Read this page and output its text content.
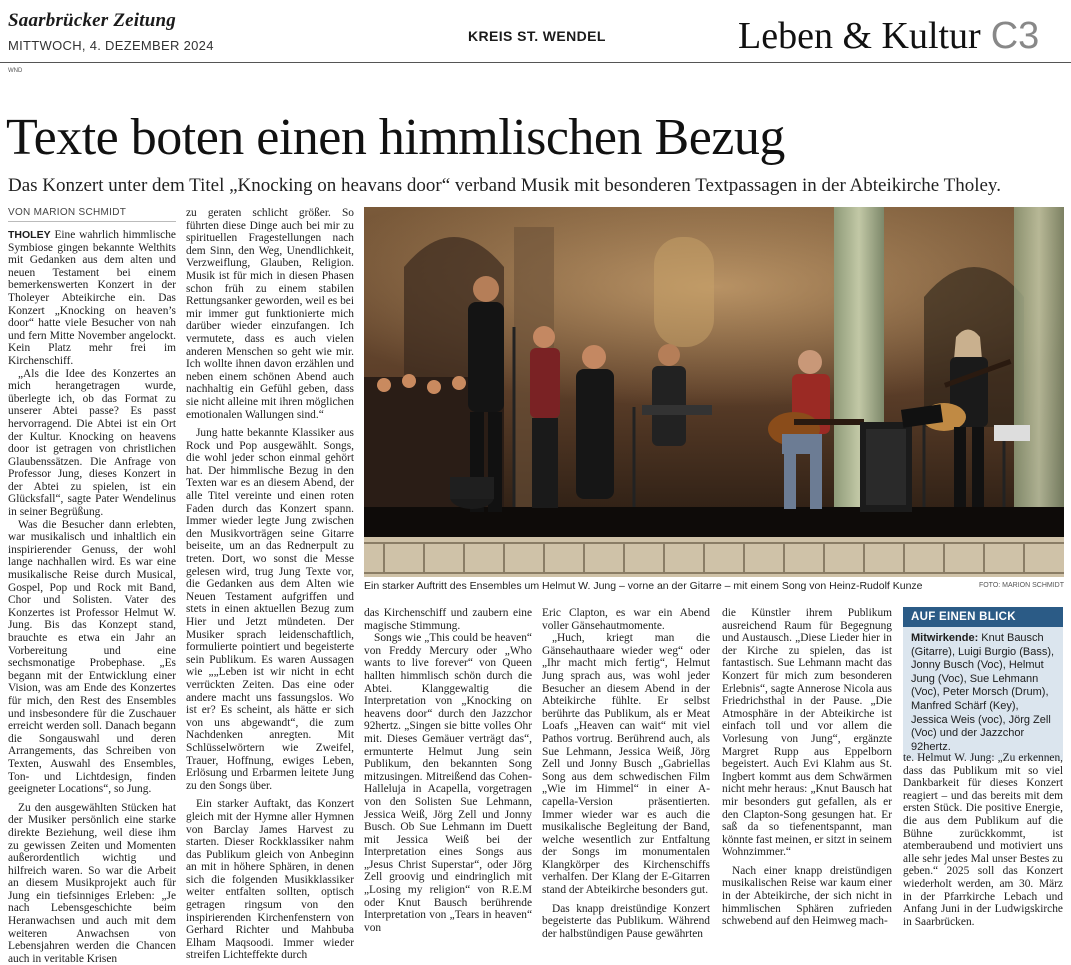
Saarbrücker Zeitung
MITTWOCH, 4. DEZEMBER 2024
KREIS ST. WENDEL	Leben & Kultur C3
WND
Texte boten einen himmlischen Bezug
Das Konzert unter dem Titel „Knocking on heavans door“ verband Musik mit besonderen Textpassagen in der Abteikirche Tholey.
VON MARION SCHMIDT

THOLEY Eine wahrlich himmlische Symbiose gingen bekannte Welthits mit Gedanken aus dem alten und neuen Testament bei einem bemerkenswerten Konzert in der Tholeyer Abteikirche ein. Das Konzert „Knocking on heaven’s door“ hatte viele Besucher von nah und fern Mitte November angelockt. Kein Platz mehr frei im Kirchenschiff.

„Als die Idee des Konzertes an mich herangetragen wurde, überlegte ich, ob das Format zu unserer Abtei passe? Es passt hervorragend. Die Abtei ist ein Ort der Kultur. Knocking on heavens door ist getragen von christlichen Glaubenssätzen. Die Anfrage von Professor Jung, dieses Konzert in der Abtei zu spielen, ist ein Glücksfall“, sagte Pater Wendelinus in seiner Begrüßung.

Was die Besucher dann erlebten, war musikalisch und inhaltlich ein inspirierender Genuss, der wohl lange nachhallen wird. Es war eine musikalische Reise durch Musical, Gospel, Pop und Rock mit Band, Chor und Solisten. Vater des Konzertes ist Professor Helmut W. Jung. Bis das Konzept stand, brauchte es etwa ein Jahr an Vorbereitung und eine sechsmonatige Probephase. „Es begann mit der Entwicklung einer Vision, was am Ende des Konzertes für mich, den Rest des Ensembles und insbesondere für die Zuschauer erreicht werden soll. Danach begann die Songauswahl und deren Arrangements, das Schreiben von Texten, Auswahl des Ensembles, Ton- und Lichtdesign, finden geeigneter Locations“, so Jung.

Zu den ausgewählten Stücken hat der Musiker persönlich eine starke direkte Beziehung, weil diese ihm zu gewissen Zeiten und Momenten außerordentlich wichtig und hilfreich waren. So war die Arbeit an diesem Musikprojekt auch für Jung ein tiefsinniges Erleben: „Je nach Lebensgeschichte beim Heranwachsen und auch mit dem weiteren Anwachsen von Lebensjahren werden die Chancen auch in veritable Krisen

zu geraten schlicht größer. So führten diese Dinge auch bei mir zu spirituellen Fragestellungen nach dem Sinn, den Weg, Unendlichkeit, Verzweiflung, Glauben, Religion. Musik ist für mich in diesen Phasen schon früh zu einem stabilen Rettungsanker geworden, weil es bei mir immer gut funktionierte mich darüber wieder einzufangen. Ich vermutete, dass es auch vielen anderen Menschen so geht wie mir. Ich wollte ihnen davon erzählen und neben einem schönen Abend auch nachhaltig ein Gefühl geben, dass sie nicht alleine mit ihren möglichen emotionalen Wallungen sind.“

Jung hatte bekannte Klassiker aus Rock und Pop ausgewählt. Songs, die wohl jeder schon einmal gehört hat. Der himmlische Bezug in den Texten war es an diesem Abend, der alle Titel vereinte und einen roten Faden durch das Konzert spann. Immer wieder legte Jung zwischen den Musikvorträgen seine Gitarre beiseite, um an das Rednerpult zu treten. Dort, wo sonst die Messe gelesen wird, trug Jung Texte vor, die Gedanken aus dem Alten wie Neuen Testament aufgriffen und stets in einen aktuellen Bezug zum Hier und Jetzt mündeten. Der Musiker sprach leidenschaftlich, formulierte pointiert und begeisterte sein Publikum. Es waren Aussagen wie „„Leben ist wir nicht in echt verrückten Zeiten. Das eine oder andere macht uns fassungslos. Wo ist er? Es scheint, als hätte er sich von uns abgewandt“, die zum Nachdenken anregten. Mit Schlüsselwörtern wie Zweifel, Trauer, Hoffnung, ewiges Leben, Erlösung und Erbarmen leitete Jung zu den Songs über.

Ein starker Auftakt, das Konzert gleich mit der Hymne aller Hymnen von Barclay James Harvest zu starten. Dieser Rockklassiker nahm das Publikum gleich von Anbeginn an mit in höhere Sphären, in denen sich die folgenden Musikklassiker weiter entfalten sollten, optisch getragen ringsum von den inspirierenden Kirchenfenstern von Gerhard Richter und Mahbuba Elham Maqsoodi. Immer wieder streifen Lichteffekte durch

Ein starker Auftritt des Ensembles um Helmut W. Jung – vorne an der Gitarre – mit einem Song von Heinz-Rudolf Kunze	FOTO: MARION SCHMIDT

das Kirchenschiff und zaubern eine magische Stimmung.

Songs wie „This could be heaven“ von Freddy Mercury oder „Who wants to live forever“ von Queen hallten himmlisch schön durch die Abtei. Klanggewaltig die Interpretation von „Knocking on heavens door“ durch den Jazzchor 92hertz. „Singen sie bitte volles Ohr mit. Dieses Gemäuer verträgt das“, ermunterte Helmut Jung sein Publikum, den bekannten Song mitzusingen. Mitreißend das Cohen-Halleluja in Acapella, vorgetragen von den Solisten Sue Lehmann, Jessica Weiß, Jörg Zell und Jonny Busch. Ob Sue Lehmann im Duett mit Jessica Weiß bei der Interpretation eines Songs aus „Jesus Christ Superstar“, oder Jörg Zell groovig und eindringlich mit „Losing my religion“ von R.E.M oder Knut Bausch berührende Interpretation von „Tears in heaven“ von

Eric Clapton, es war ein Abend voller Gänsehautmomente.

„Huch, kriegt man die Gänsehauthaare wieder weg“ oder „Ihr macht mich fertig“, Helmut Jung sprach aus, was wohl jeder Besucher an diesem Abend in der Abteikirche fühlte. Er selbst berührte das Publikum, als er Meat Loafs „Heaven can wait“ mit viel Pathos vortrug. Berührend auch, als Sue Lehmann, Jessica Weiß, Jörg Zell und Jonny Busch „Gabriellas Song aus dem schwedischen Film „Wie im Himmel“ in einer A-capella-Version präsentierten. Immer wieder war es auch die musikalische Begleitung der Band, welche wesentlich zur Entfaltung der Songs im monumentalen Klangkörper des Kirchenschiffs verhalfen. Der Klang der E-Gitarren stand der Abteikirche besonders gut.

Das knapp dreistündige Konzert begeisterte das Publikum. Während der halbstündigen Pause gewährten

die Künstler ihrem Publikum ausreichend Raum für Begegnung und Austausch. „Diese Lieder hier in der Kirche zu spielen, das ist fantastisch. Sue Lehmann macht das Konzert für mich zum besonderen Erlebnis“, sagte Annerose Nicola aus Friedrichsthal in der Pause. „Die Atmosphäre in der Abteikirche ist einfach toll und vor allem die Vorlesung von Jung“, ergänzte Margret Rupp aus Eppelborn begeistert. Auch Evi Klahm aus St. Ingbert kommt aus dem Schwärmen nicht mehr heraus: „Knut Bausch hat mir besonders gut gefallen, als er den Clapton-Song gesungen hat. Er saß da so tiefenentspannt, man könnte fast meinen, er sitzt in seinem Wohnzimmer.“

Nach einer knapp dreistündigen musikalischen Reise war kaum einer in der Abteikirche, der sich nicht in himmlischen Sphären zufrieden schwebend auf den Heimweg mach-

AUF EINEN BLICK
Mitwirkende: Knut Bausch (Gitarre), Luigi Burgio (Bass), Jonny Busch (Voc), Helmut Jung (Voc), Sue Lehmann (Voc), Peter Morsch (Drum), Manfred Schärf (Key), Jessica Weis (voc), Jörg Zell (Voc) und der Jazzchor 92hertz.

te. Helmut W. Jung: „Zu erkennen, dass das Publikum mit so viel Dankbarkeit für dieses Konzert reagiert – und das bereits mit dem ersten Stück. Die positive Energie, die aus dem Publikum auf die Bühne zurückkommt, ist atemberaubend und motiviert uns alle sehr jedes Mal unser Bestes zu geben.“ 2025 soll das Konzert wiederholt werden, am 30. März in der Pfarrkirche Lebach und Anfang Juni in der Ludwigskirche in Saarbrücken.
